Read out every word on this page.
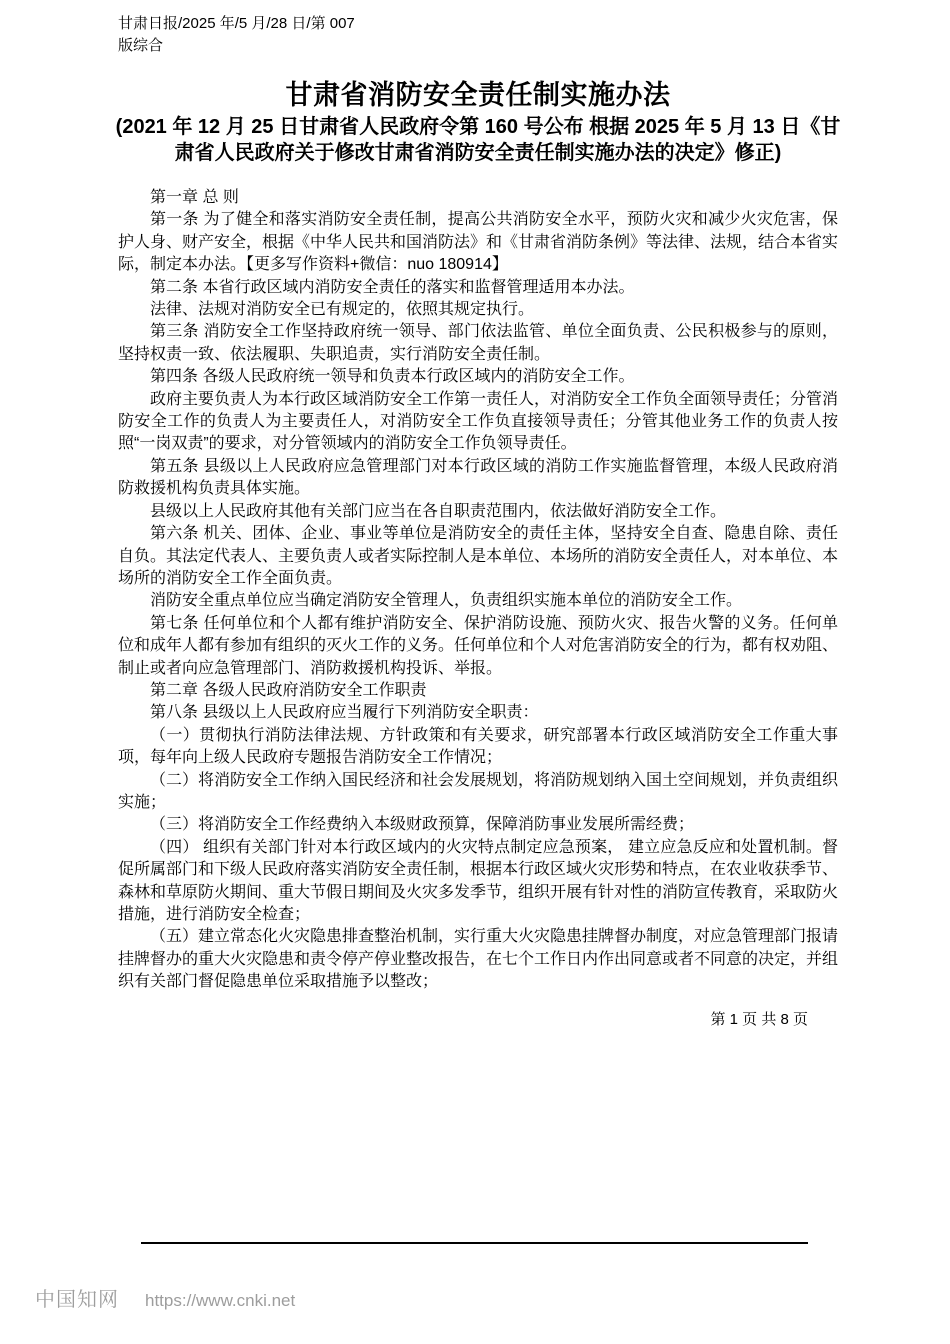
甘肃日报/2025 年/5 月/28 日/第 007
版综合
甘肃省消防安全责任制实施办法
(2021 年 12 月 25 日甘肃省人民政府令第 160 号公布 根据 2025 年 5 月 13 日《甘
肃省人民政府关于修改甘肃省消防安全责任制实施办法的决定》修正)

第一章 总 则

第一条 为了健全和落实消防安全责任制，提高公共消防安全水平，预防火灾和减少火灾危害，保护人身、财产安全，根据《中华人民共和国消防法》和《甘肃省消防条例》等法律、法规，结合本省实际，制定本办法。【更多写作资料+微信：nuo 180914】

第二条 本省行政区域内消防安全责任的落实和监督管理适用本办法。

法律、法规对消防安全已有规定的，依照其规定执行。

第三条 消防安全工作坚持政府统一领导、部门依法监管、单位全面负责、公民积极参与的原则，坚持权责一致、依法履职、失职追责，实行消防安全责任制。

第四条 各级人民政府统一领导和负责本行政区域内的消防安全工作。

政府主要负责人为本行政区域消防安全工作第一责任人，对消防安全工作负全面领导责任；分管消防安全工作的负责人为主要责任人，对消防安全工作负直接领导责任；分管其他业务工作的负责人按照“一岗双责”的要求，对分管领域内的消防安全工作负领导责任。

第五条 县级以上人民政府应急管理部门对本行政区域的消防工作实施监督管理，本级人民政府消防救援机构负责具体实施。

县级以上人民政府其他有关部门应当在各自职责范围内，依法做好消防安全工作。

第六条 机关、团体、企业、事业等单位是消防安全的责任主体，坚持安全自查、隐患自除、责任自负。其法定代表人、主要负责人或者实际控制人是本单位、本场所的消防安全责任人，对本单位、本场所的消防安全工作全面负责。

消防安全重点单位应当确定消防安全管理人，负责组织实施本单位的消防安全工作。

第七条 任何单位和个人都有维护消防安全、保护消防设施、预防火灾、报告火警的义务。任何单位和成年人都有参加有组织的灭火工作的义务。任何单位和个人对危害消防安全的行为，都有权劝阻、制止或者向应急管理部门、消防救援机构投诉、举报。

第二章 各级人民政府消防安全工作职责

第八条 县级以上人民政府应当履行下列消防安全职责：

（一）贯彻执行消防法律法规、方针政策和有关要求，研究部署本行政区域消防安全工作重大事项，每年向上级人民政府专题报告消防安全工作情况；

（二）将消防安全工作纳入国民经济和社会发展规划，将消防规划纳入国土空间规划，并负责组织实施；

（三）将消防安全工作经费纳入本级财政预算，保障消防事业发展所需经费；

（四） 组织有关部门针对本行政区域内的火灾特点制定应急预案， 建立应急反应和处置机制。督促所属部门和下级人民政府落实消防安全责任制，根据本行政区域火灾形势和特点，在农业收获季节、森林和草原防火期间、重大节假日期间及火灾多发季节，组织开展有针对性的消防宣传教育，采取防火措施，进行消防安全检查；

（五）建立常态化火灾隐患排查整治机制，实行重大火灾隐患挂牌督办制度，对应急管理部门报请挂牌督办的重大火灾隐患和责令停产停业整改报告，在七个工作日内作出同意或者不同意的决定，并组织有关部门督促隐患单位采取措施予以整改；

第 1 页 共 8 页
中国知网 https://www.cnki.net
